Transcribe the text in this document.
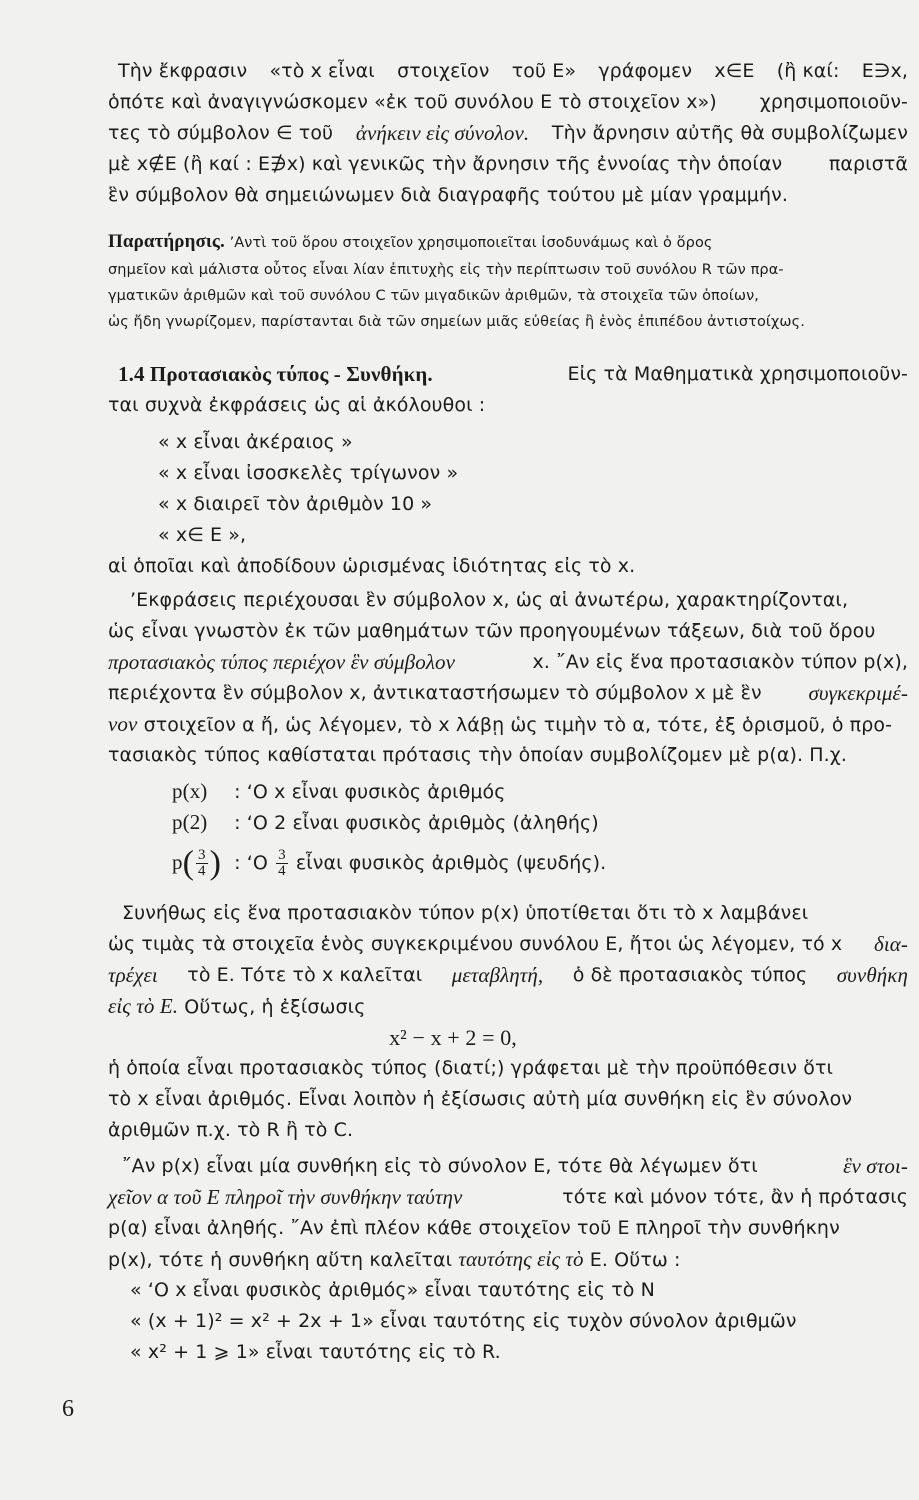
Τὴν ἔκφρασιν «τὸ x εἶναι στοιχεῖον τοῦ Ε» γράφομεν x∈Ε (ἢ καί: Ε∋x,
ὁπότε καὶ ἀναγιγνώσκομεν «ἐκ τοῦ συνόλου Ε τὸ στοιχεῖον x») χρησιμοποιοῦν-
τες τὸ σύμβολον ∈ τοῦ ἀνήκειν εἰς σύνολον. Τὴν ἄρνησιν αὐτῆς θὰ συμβολίζωμεν
μὲ x∉Ε (ἢ καί : Ε∌x) καὶ γενικῶς τὴν ἄρνησιν τῆς ἐννοίας τὴν ὁποίαν παριστᾶ
ἓν σύμβολον θὰ σημειώνωμεν διὰ διαγραφῆς τούτου μὲ μίαν γραμμήν.
Παρατήρησις. ’Αντὶ τοῦ ὅρου στοιχεῖον χρησιμοποιεῖται ἰσοδυνάμως καὶ ὁ ὅρος
σημεῖον καὶ μάλιστα οὗτος εἶναι λίαν ἐπιτυχὴς εἰς τὴν περίπτωσιν τοῦ συνόλου R τῶν πρα-
γματικῶν ἀριθμῶν καὶ τοῦ συνόλου C τῶν μιγαδικῶν ἀριθμῶν, τὰ στοιχεῖα τῶν ὁποίων,
ὡς ἤδη γνωρίζομεν, παρίστανται διὰ τῶν σημείων μιᾶς εὐθείας ἢ ἑνὸς ἐπιπέδου ἀντιστοίχως.
1.4 Προτασιακὸς τύπος - Συνθήκη.	Εἰς τὰ Μαθηματικὰ χρησιμοποιοῦν-
ται συχνὰ ἐκφράσεις ὡς αἱ ἀκόλουθοι :
« x εἶναι ἀκέραιος »
« x εἶναι ἰσοσκελὲς τρίγωνον »
« x διαιρεῖ τὸν ἀριθμὸν 10 »
« x∈ Ε »,
αἱ ὁποῖαι καὶ ἀποδίδουν ὡρισμένας ἰδιότητας εἰς τὸ x.
’Εκφράσεις περιέχουσαι ἓν σύμβολον x, ὡς αἱ ἀνωτέρω, χαρακτηρίζονται,
ὡς εἶναι γνωστὸν ἐκ τῶν μαθημάτων τῶν προηγουμένων τάξεων, διὰ τοῦ ὅρου
προτασιακὸς τύπος περιέχον ἓν σύμβολον	x. ῎Αν εἰς ἕνα προτασιακὸν τύπον p(x),
περιέχοντα ἓν σύμβολον x, ἀντικαταστήσωμεν τὸ σύμβολον x μὲ ἓν συγκεκριμέ-
νον στοιχεῖον α ἤ, ὡς λέγομεν, τὸ x λάβῃ ὡς τιμὴν τὸ α, τότε, ἐξ ὁρισμοῦ, ὁ προ-
τασιακὸς τύπος καθίσταται πρότασις τὴν ὁποίαν συμβολίζομεν μὲ p(α). Π.χ.
p(x) : ‘Ο x εἶναι φυσικὸς ἀριθμός
p(2) : ‘Ο 2 εἶναι φυσικὸς ἀριθμὸς (ἀληθής)
$p( \frac{3}{4}$ ) : ‘$O \frac{3}{4}$ εἶναι φυσικὸς ἀριθμὸς (ψευδής).
Συνήθως εἰς ἕνα προτασιακὸν τύπον p(x) ὑποτίθεται ὅτι τὸ x λαμβάνει
ὡς τιμὰς τὰ στοιχεῖα ἑνὸς συγκεκριμένου συνόλου Ε, ἤτοι ὡς λέγομεν, τό x δια-
τρέχει τὸ Ε. Τότε τὸ x καλεῖται μεταβλητή, ὁ δὲ προτασιακὸς τύπος συνθήκη
εἰς τὸ Ε. Οὕτως, ἡ ἐξίσωσις
x² − x + 2 = 0,
ἡ ὁποία εἶναι προτασιακὸς τύπος (διατί;) γράφεται μὲ τὴν προϋπόθεσιν ὅτι
τὸ x εἶναι ἀριθμός. Εἶναι λοιπὸν ἡ ἐξίσωσις αὐτὴ μία συνθήκη εἰς ἓν σύνολον
ἀριθμῶν π.χ. τὸ R ἢ τὸ C.
῎Αν p(x) εἶναι μία συνθήκη εἰς τὸ σύνολον Ε, τότε θὰ λέγωμεν ὅτι	ἓν στοι-
χεῖον α τοῦ Ε πληροῖ τὴν συνθήκην ταύτην	τότε καὶ μόνον τότε, ἂν ἡ πρότασις
p(α) εἶναι ἀληθής. ῎Αν ἐπὶ πλέον κάθε στοιχεῖον τοῦ Ε πληροῖ τὴν συνθήκην
p(x), τότε ἡ συνθήκη αὕτη καλεῖται ταυτότης εἰς τὸ Ε. Οὕτω :
« ‘Ο x εἶναι φυσικὸς ἀριθμός» εἶναι ταυτότης εἰς τὸ N
« (x + 1)² = x² + 2x + 1» εἶναι ταυτότης εἰς τυχὸν σύνολον ἀριθμῶν
« x² + 1 ⩾ 1» εἶναι ταυτότης εἰς τὸ R.
6
